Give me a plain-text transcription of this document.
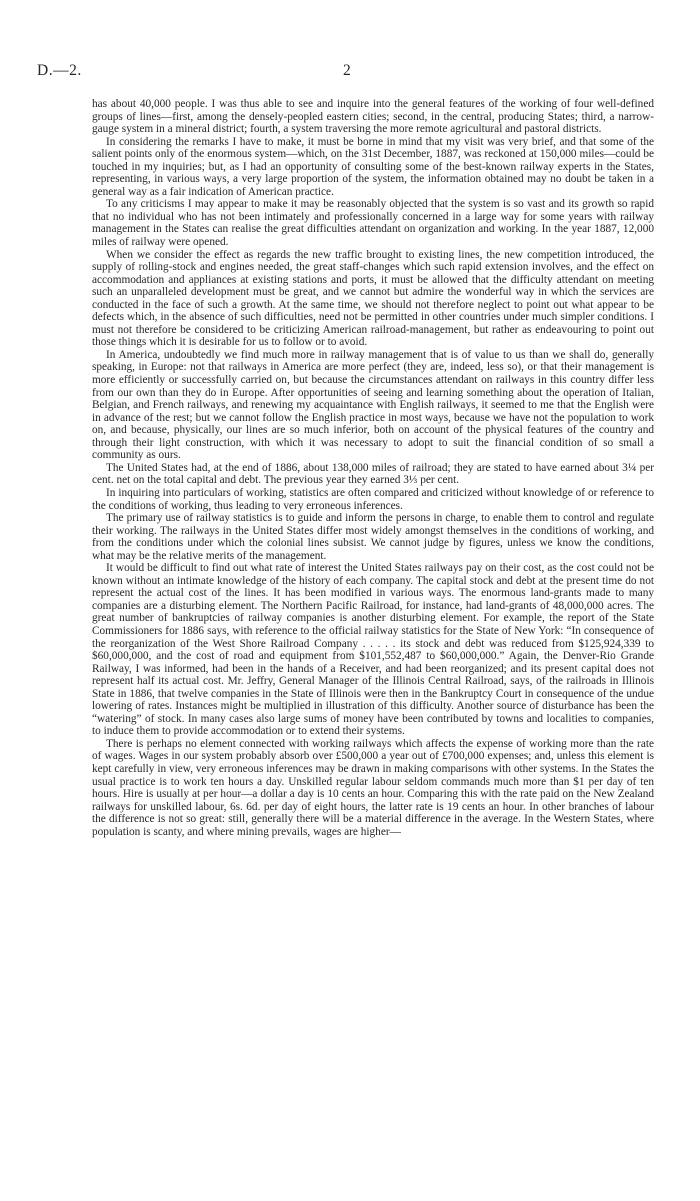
D.—2.	2

has about 40,000 people. I was thus able to see and inquire into the general features of the working of four well-defined groups of lines—first, among the densely-peopled eastern cities; second, in the central, producing States; third, a narrow-gauge system in a mineral district; fourth, a system traversing the more remote agricultural and pastoral districts.

In considering the remarks I have to make, it must be borne in mind that my visit was very brief, and that some of the salient points only of the enormous system—which, on the 31st December, 1887, was reckoned at 150,000 miles—could be touched in my inquiries; but, as I had an opportunity of consulting some of the best-known railway experts in the States, representing, in various ways, a very large proportion of the system, the information obtained may no doubt be taken in a general way as a fair indication of American practice.

To any criticisms I may appear to make it may be reasonably objected that the system is so vast and its growth so rapid that no individual who has not been intimately and professionally concerned in a large way for some years with railway management in the States can realise the great difficulties attendant on organization and working. In the year 1887, 12,000 miles of railway were opened.

When we consider the effect as regards the new traffic brought to existing lines, the new competition introduced, the supply of rolling-stock and engines needed, the great staff-changes which such rapid extension involves, and the effect on accommodation and appliances at existing stations and ports, it must be allowed that the difficulty attendant on meeting such an unparalleled development must be great, and we cannot but admire the wonderful way in which the services are conducted in the face of such a growth. At the same time, we should not therefore neglect to point out what appear to be defects which, in the absence of such difficulties, need not be permitted in other countries under much simpler conditions. I must not therefore be considered to be criticizing American railroad-management, but rather as endeavouring to point out those things which it is desirable for us to follow or to avoid.

In America, undoubtedly we find much more in railway management that is of value to us than we shall do, generally speaking, in Europe: not that railways in America are more perfect (they are, indeed, less so), or that their management is more efficiently or successfully carried on, but because the circumstances attendant on railways in this country differ less from our own than they do in Europe. After opportunities of seeing and learning something about the operation of Italian, Belgian, and French railways, and renewing my acquaintance with English railways, it seemed to me that the English were in advance of the rest; but we cannot follow the English practice in most ways, because we have not the population to work on, and because, physically, our lines are so much inferior, both on account of the physical features of the country and through their light construction, with which it was necessary to adopt to suit the financial condition of so small a community as ours.

The United States had, at the end of 1886, about 138,000 miles of railroad; they are stated to have earned about 3¼ per cent. net on the total capital and debt. The previous year they earned 3⅓ per cent.

In inquiring into particulars of working, statistics are often compared and criticized without knowledge of or reference to the conditions of working, thus leading to very erroneous inferences.

The primary use of railway statistics is to guide and inform the persons in charge, to enable them to control and regulate their working. The railways in the United States differ most widely amongst themselves in the conditions of working, and from the conditions under which the colonial lines subsist. We cannot judge by figures, unless we know the conditions, what may be the relative merits of the management.

It would be difficult to find out what rate of interest the United States railways pay on their cost, as the cost could not be known without an intimate knowledge of the history of each company. The capital stock and debt at the present time do not represent the actual cost of the lines. It has been modified in various ways. The enormous land-grants made to many companies are a disturbing element. The Northern Pacific Railroad, for instance, had land-grants of 48,000,000 acres. The great number of bankruptcies of railway companies is another disturbing element. For example, the report of the State Commissioners for 1886 says, with reference to the official railway statistics for the State of New York: “In consequence of the reorganization of the West Shore Railroad Company . . . . . its stock and debt was reduced from $125,924,339 to $60,000,000, and the cost of road and equipment from $101,552,487 to $60,000,000.” Again, the Denver-Rio Grande Railway, I was informed, had been in the hands of a Receiver, and had been reorganized; and its present capital does not represent half its actual cost. Mr. Jeffry, General Manager of the Illinois Central Railroad, says, of the railroads in Illinois State in 1886, that twelve companies in the State of Illinois were then in the Bankruptcy Court in consequence of the undue lowering of rates. Instances might be multiplied in illustration of this difficulty. Another source of disturbance has been the “watering” of stock. In many cases also large sums of money have been contributed by towns and localities to companies, to induce them to provide accommodation or to extend their systems.

There is perhaps no element connected with working railways which affects the expense of working more than the rate of wages. Wages in our system probably absorb over £500,000 a year out of £700,000 expenses; and, unless this element is kept carefully in view, very erroneous inferences may be drawn in making comparisons with other systems. In the States the usual practice is to work ten hours a day. Unskilled regular labour seldom commands much more than $1 per day of ten hours. Hire is usually at per hour—a dollar a day is 10 cents an hour. Comparing this with the rate paid on the New Zealand railways for unskilled labour, 6s. 6d. per day of eight hours, the latter rate is 19 cents an hour. In other branches of labour the difference is not so great: still, generally there will be a material difference in the average. In the Western States, where population is scanty, and where mining prevails, wages are higher—
